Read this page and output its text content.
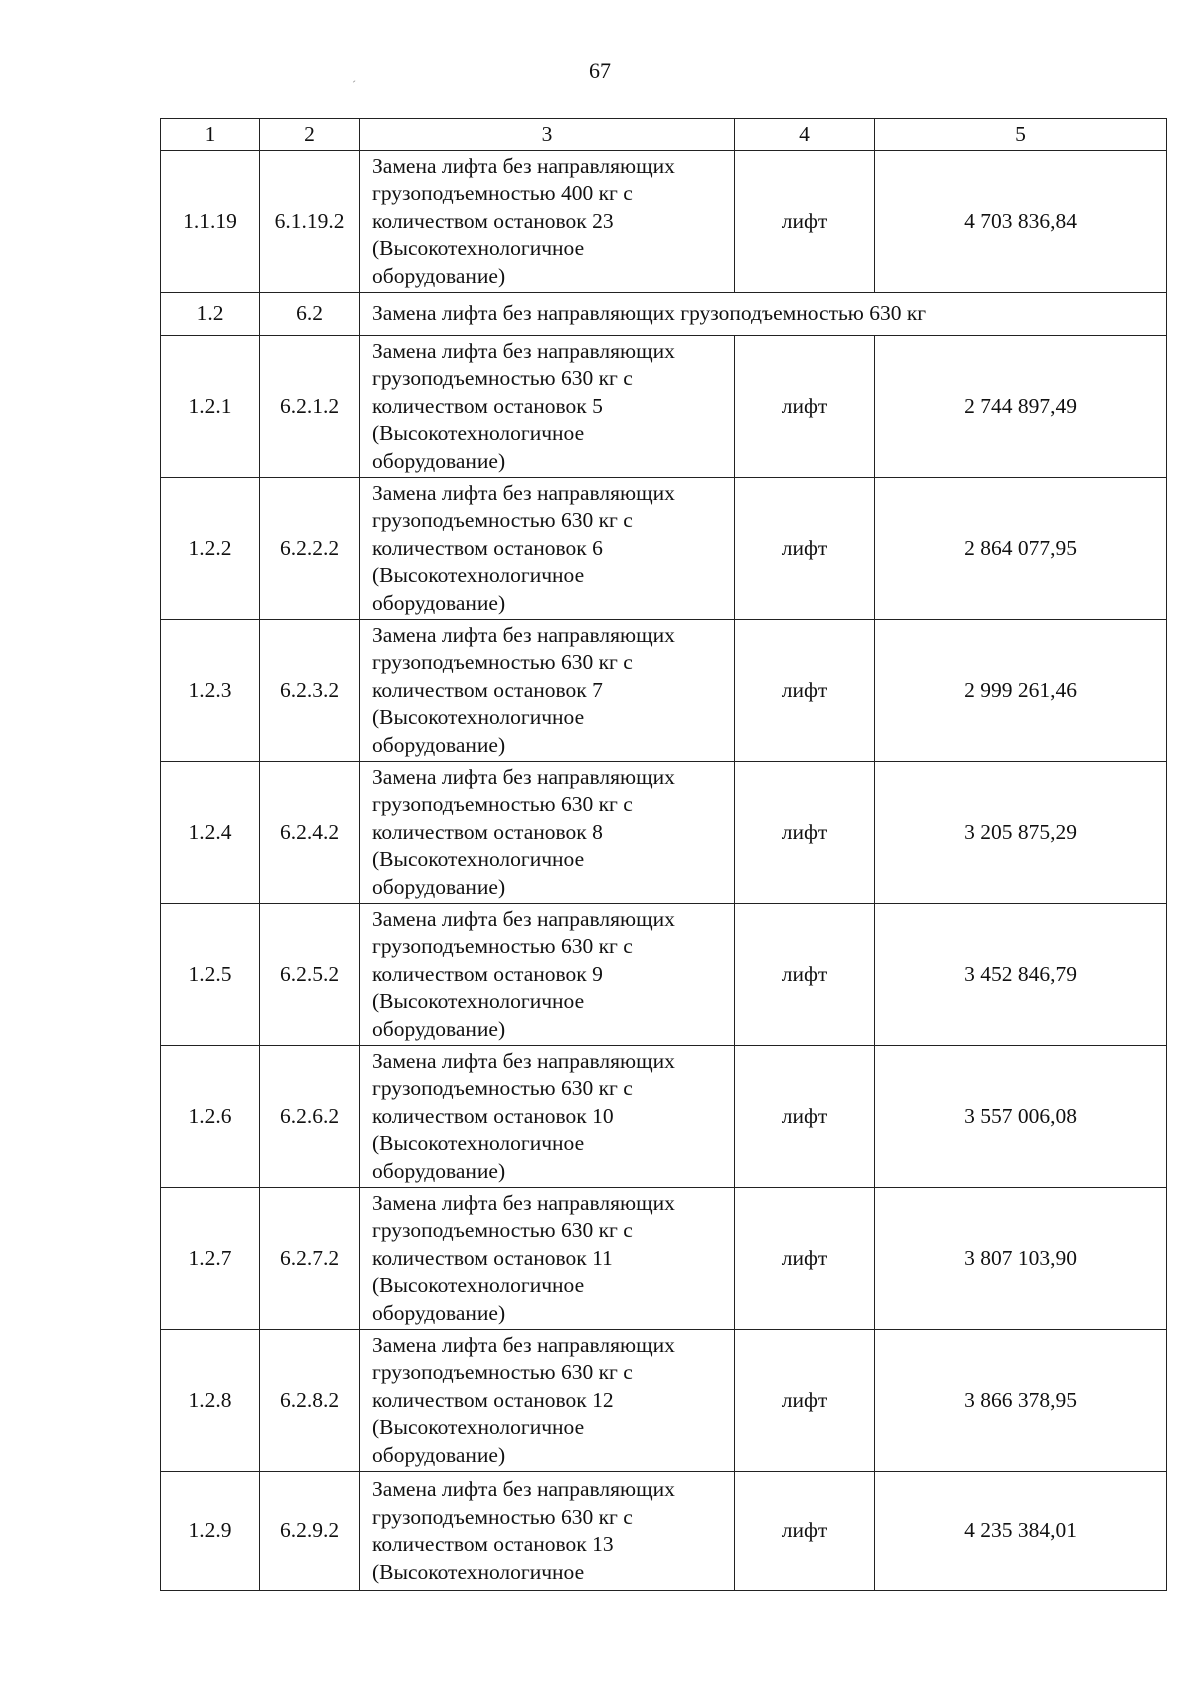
67
´
1	2	3	4	5
1.1.19	6.1.19.2	Замена лифта без направляющих
грузоподъемностью 400 кг с
количеством остановок 23
(Высокотехнологичное
оборудование)	лифт	4 703 836,84
1.2	6.2	Замена лифта без направляющих грузоподъемностью 630 кг		
1.2.1	6.2.1.2	Замена лифта без направляющих
грузоподъемностью 630 кг с
количеством остановок 5
(Высокотехнологичное
оборудование)	лифт	2 744 897,49
1.2.2	6.2.2.2	Замена лифта без направляющих
грузоподъемностью 630 кг с
количеством остановок 6
(Высокотехнологичное
оборудование)	лифт	2 864 077,95
1.2.3	6.2.3.2	Замена лифта без направляющих
грузоподъемностью 630 кг с
количеством остановок 7
(Высокотехнологичное
оборудование)	лифт	2 999 261,46
1.2.4	6.2.4.2	Замена лифта без направляющих
грузоподъемностью 630 кг с
количеством остановок 8
(Высокотехнологичное
оборудование)	лифт	3 205 875,29
1.2.5	6.2.5.2	Замена лифта без направляющих
грузоподъемностью 630 кг с
количеством остановок 9
(Высокотехнологичное
оборудование)	лифт	3 452 846,79
1.2.6	6.2.6.2	Замена лифта без направляющих
грузоподъемностью 630 кг с
количеством остановок 10
(Высокотехнологичное
оборудование)	лифт	3 557 006,08
1.2.7	6.2.7.2	Замена лифта без направляющих
грузоподъемностью 630 кг с
количеством остановок 11
(Высокотехнологичное
оборудование)	лифт	3 807 103,90
1.2.8	6.2.8.2	Замена лифта без направляющих
грузоподъемностью 630 кг с
количеством остановок 12
(Высокотехнологичное
оборудование)	лифт	3 866 378,95
1.2.9	6.2.9.2	Замена лифта без направляющих
грузоподъемностью 630 кг с
количеством остановок 13
(Высокотехнологичное	лифт	4 235 384,01
